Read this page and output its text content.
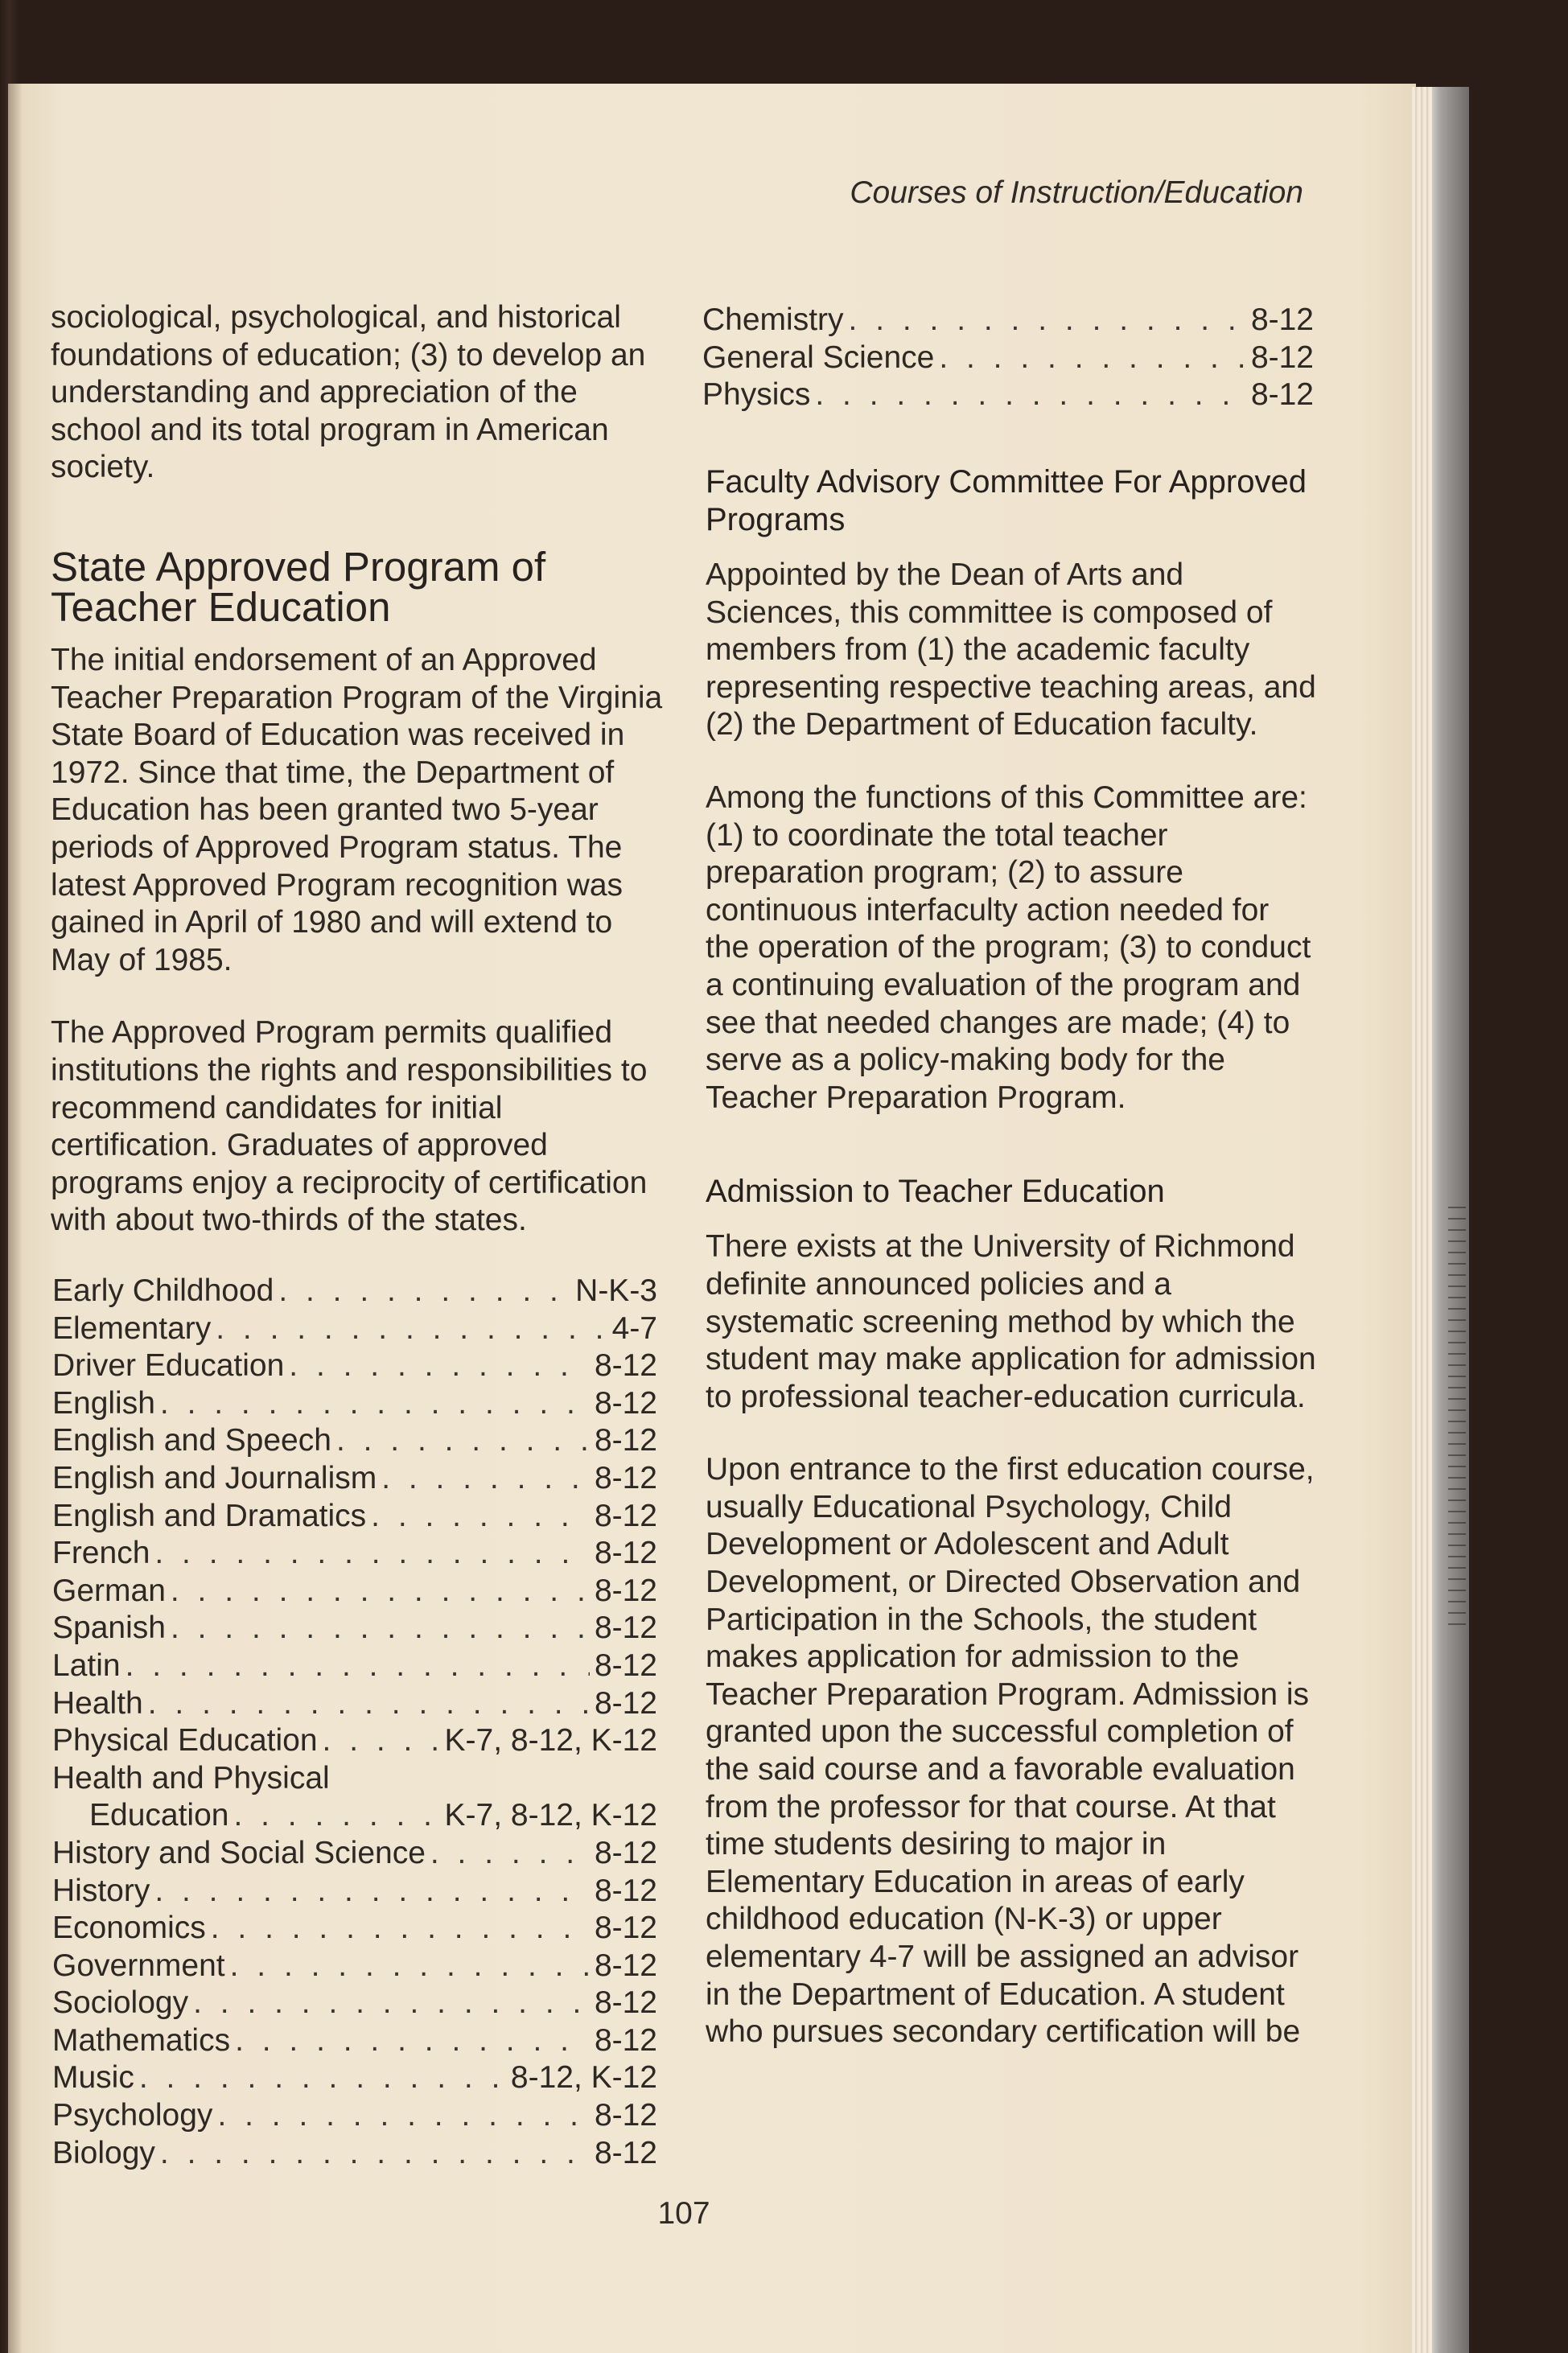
Courses of Instruction/Education
sociological, psychological, and historical foundations of education; (3) to develop an understanding and appreciation of the school and its total program in American society.
State Approved Program of Teacher Education

The initial endorsement of an Approved Teacher Preparation Program of the Virginia State Board of Education was received in 1972. Since that time, the Department of Education has been granted two 5-year periods of Approved Program status. The latest Approved Program recognition was gained in April of 1980 and will extend to May of 1985.

The Approved Program permits qualified institutions the rights and responsibilities to recommend candidates for initial certification. Graduates of approved programs enjoy a reciprocity of certification with about two-thirds of the states.

Early Childhood . . .	N-K-3
Elementary . . .	4-7
Driver Education . . .	8-12
English . . .	8-12
English and Speech . . .	8-12
English and Journalism . . .	8-12
English and Dramatics . . .	8-12
French . . .	8-12
German . . .	8-12
Spanish . . .	8-12
Latin . . .	8-12
Health . . .	8-12
Physical Education . . .	K-7, 8-12, K-12
Health and Physical
Education . . .	K-7, 8-12, K-12
History and Social Science . . .	8-12
History . . .	8-12
Economics . . .	8-12
Government . . .	8-12
Sociology . . .	8-12
Mathematics . . .	8-12
Music . . .	8-12, K-12
Psychology . . .	8-12
Biology . . .	8-12
Chemistry . . .	8-12
General Science . . .	8-12
Physics . . .	8-12
Faculty Advisory Committee For Approved Programs

Appointed by the Dean of Arts and Sciences, this committee is composed of members from (1) the academic faculty representing respective teaching areas, and (2) the Department of Education faculty.

Among the functions of this Committee are: (1) to coordinate the total teacher preparation program; (2) to assure continuous interfaculty action needed for the operation of the program; (3) to conduct a continuing evaluation of the program and see that needed changes are made; (4) to serve as a policy-making body for the Teacher Preparation Program.

Admission to Teacher Education

There exists at the University of Richmond definite announced policies and a systematic screening method by which the student may make application for admission to professional teacher-education curricula.

Upon entrance to the first education course, usually Educational Psychology, Child Development or Adolescent and Adult Development, or Directed Observation and Participation in the Schools, the student makes application for admission to the Teacher Preparation Program. Admission is granted upon the successful completion of the said course and a favorable evaluation from the professor for that course. At that time students desiring to major in Elementary Education in areas of early childhood education (N-K-3) or upper elementary 4-7 will be assigned an advisor in the Department of Education. A student who pursues secondary certification will be

107
